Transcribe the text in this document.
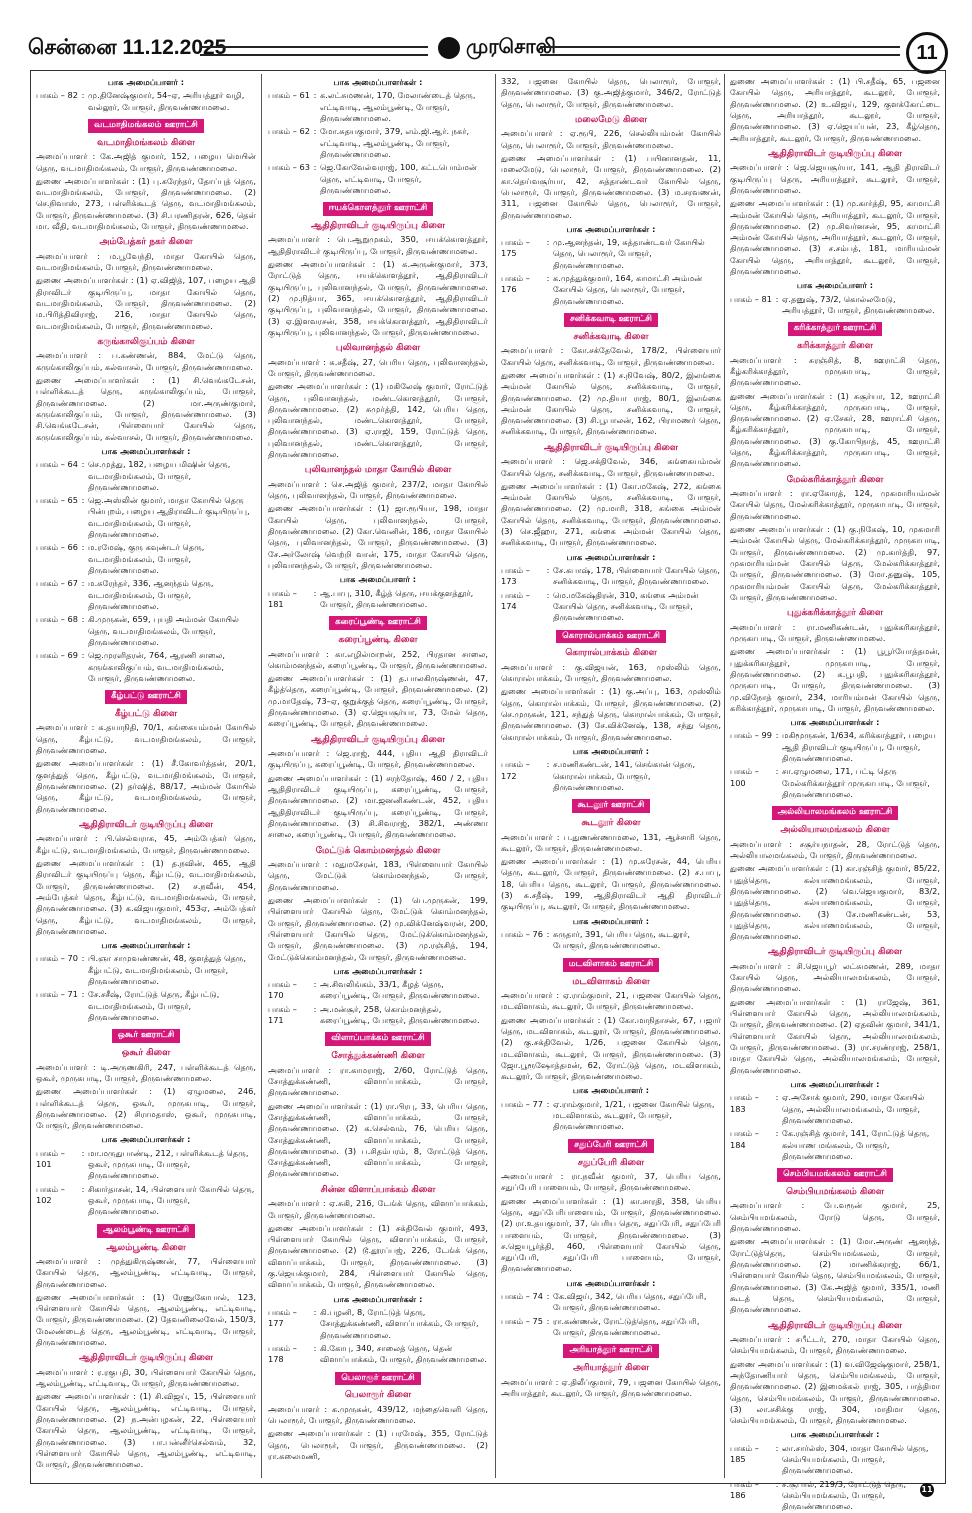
சென்னை 11.12.2025	முரசொலி	11
பாக அமைப்பாளர் :
பாகம் – 82 : மு.தினேஷ்குமார், 54–ஏ, அரியத்தூர் வழி, வல்லூர், போளூர், திருவண்ணாமலை.
வடமாதிமங்கலம் ஊராட்சி
வடமாதிமங்கலம் கிளை
அமைப்பாளர் : கே.அஜித் குமார், 152, பழைய மெயின் தெரு, வடமாதிமங்கலம், போளூர், திருவண்ணாமலை.
துணை அமைப்பாளர்கள் : (1) பு.சுரேந்தர், தோப்புத் தெரு, வடமாதிமங்கலம், போளூர், திருவண்ணாமலை. (2) செ.நிவாஸ், 273, பள்ளிக்கூடத் தெரு, வடமாதிமங்கலம், போளூர், திருவண்ணாமலை. (3) சி.பரணிதரன், 626, தெள் மா. வீதி, வடமாதிமங்கலம், போளூர், திருவண்ணாமலை.
அம்பேத்கர் நகர் கிளை
அமைப்பாளர் : ம.பூவேந்தி, மாதா கோயில் தெரு, வடமாதிமங்கலம், போளூர், திருவண்ணாமலை.
துணை அமைப்பாளர்கள் : (1) ஏ.விஜித், 107, பழைய ஆதி திராவிடர் குடியிருப்பு, மாதா கோயில் தெரு, வடமாதிமங்கலம், போளூர், திருவண்ணாமலை. (2) ம.பிரித்திவிராஜ், 216, மாதா கோயில் தெரு, வடமாதிமங்கலம், போளூர், திருவண்ணாமலை.
கருங்காலிகுப்பம் கிளை
அமைப்பாளர் : ப.கண்ணன், 884, மேட்டு தெரு, கருங்காலிகுப்பம், கல்வாசல், போளூர், திருவண்ணாமலை.
துணை அமைப்பாளர்கள் : (1) சி.வெங்கடேசன், பள்ளிக்கூடத் தெரு, கருங்காலிகுப்பம், போளூர், திருவண்ணாமலை. (2) மா.அருண்குமார், கருங்காலிகுப்பம், போளூர், திருவண்ணாமலை. (3) சி.வெங்கடேசன், பிள்ளையார் கோயில் தெரு, கருங்காலிகுப்பம், கல்வாசல், போளூர், திருவண்ணாமலை.
பாக அமைப்பாளர்கள் :
பாகம் – 64 : செ.முத்து, 182, பழைய மிஷின் தெரு, வடமாதிமங்கலம், போளூர், திருவண்ணாமலை.
பாகம் – 65 : ஜெ.அஸ்லின் குமார், மாதா கோயில் தெரு பின்புறம், பழைய ஆதிராவிடர் குடியிருப்பு, வடமாதிமங்கலம், போளூர், திருவண்ணாமலை.
பாகம் – 66 : ம.ரமேஷ், குரு கவுண்டர் தெரு, வடமாதிமங்கலம், போளூர், திருவண்ணாமலை.
பாகம் – 67 : ம.சுரேந்தர், 336, ஆனந்தம் தெரு, வடமாதிமங்கலம், போளூர், திருவண்ணாமலை.
பாகம் – 68 : கி.முருகன், 659, புயதி அம்மன் கோயில் தெரு, வடமாதிமங்கலம், போளூர், திருவண்ணாமலை.
பாகம் – 69 : ஜெ.முரளிதரன், 764, ஆரணி சாலை, கருங்காலிகுப்பம், வடமாதிமங்கலம், போளூர், திருவண்ணாமலை.
கீழ்பட்டு ஊராட்சி
கீழ்பட்டு கிளை
அமைப்பாளர் : க.தயாநிதி, 70/1, கங்கையம்மன் கோயில் தெரு, கீழ்பட்டு, வடமாதிமங்கலம், போளூர், திருவண்ணாமலை.
துணை அமைப்பாளர்கள் : (1) சீ.கோவர்த்தன், 20/1, குளத்துத் தெரு, கீழ்பட்டு, வடமாதிமங்கலம், போளூர், திருவண்ணாமலை. (2) தர்ஷித், 88/17, அம்மன் கோயில் தெரு, கீழ்பட்டு, வடமாதிமங்கலம், போளூர், திருவண்ணாமலை.
ஆதிதிராவிடர் குடியிருப்பு கிளை
அமைப்பாளர் : பி.செல்வராசு, 45, அம்பேத்கர் தெரு, கீழ்பட்டு, வடமாதிமங்கலம், போளூர், திருவண்ணாமலை.
துணை அமைப்பாளர்கள் : (1) த.நவின், 465, ஆதி திராவிடர் குடியிருப்பு தெரு, கீழ்பட்டு, வடமாதிமங்கலம், போளூர், திருவண்ணாமலை. (2) ச.நவீன், 454, அம்பேத்கர் தெரு, கீழ்பட்டு, வடமாதிமங்கலம், போளூர், திருவண்ணாமலை. (3) க.விஜயகுமார், 453ஏ, அம்பேத்கர் தெரு, கீழ்பட்டு, வடமாதிமங்கலம், போளூர், திருவண்ணாமலை.
பாக அமைப்பாளர்கள் :
பாகம் – 70 : பி.ஞா சாமுவண்ணன், 48, குளத்துத் தெரு, கீழ்பட்டு, வடமாதிமங்கலம், போளூர், திருவண்ணாமலை.
பாகம் – 71 : சே.சசீஷ், ரோட்டுத் தெரு, கீழ்பட்டு, வடமாதிமங்கலம், போளூர், திருவண்ணாமலை.
ஒகூர் ஊராட்சி
ஒகூர் கிளை
அமைப்பாளர் : டி.அருணகிரி, 247, பள்ளிக்கூடத் தெரு, ஒகூர், முருகபாடி, போளூர், திருவண்ணாமலை.
துணை அமைப்பாளர்கள் : (1) ஏழுமலை, 246, பள்ளிக்கூடத் தெரு, ஒகூர், முருகபாடி, போளூர், திருவண்ணாமலை. (2) சிராமதாஸ், ஒகூர், முருகபாடி, போளூர், திருவண்ணாமலை.
பாக அமைப்பாளர்கள் :
பாகம் – 101
: மா.மருதுபாண்டி, 212, பள்ளிக்கூடத் தெரு, ஒகூர், முருகபாடி, போளூர், திருவண்ணாமலை.
பாகம் – 102
: சிகார்தாசன், 14, பிள்ளையார் கோயில் தெரு, ஒகூர், முருகபாடி, போளூர், திருவண்ணாமலை.
ஆலம்பூண்டி ஊராட்சி
ஆலம்பூண்டி கிளை
அமைப்பாளர் : முத்துகிருஷ்ணன், 77, பிள்ளையார் கோயில் தெரு, ஆலம்பூண்டி, எட்டிவாடி, போளூர், திருவண்ணாமலை.
துணை அமைப்பாளர்கள் : (1) ரேணுகோபால், 123, பிள்ளையார் கோயில் தெரு, ஆலம்பூண்டி, எட்டிவாடி, போளூர், திருவண்ணாமலை. (2) தேவனிலைவேல், 150/3, மேலண்டைத் தெரு, ஆலம்பூண்டி, எட்டிவாடி, போளூர், திருவண்ணாமலை.
ஆதிதிராவிடர் குடியிருப்பு கிளை
அமைப்பாளர் : ர.ரகுபதி, 30, பிள்ளையார் கோயில் தெரு, ஆலம்பூண்டி, எட்டிவாடி, போளூர், திருவண்ணாமலை.
துணை அமைப்பாளர்கள் : (1) சி.விஜய், 15, பிள்ளையார் கோயில் தெரு, ஆலம்பூண்டி, எட்டிவாடி, போளூர், திருவண்ணாமலை. (2) ந.அன்பழகன், 22, பிள்ளையார் கோயில் தெரு, ஆலம்பூண்டி, எட்டிவாடி, போளூர், திருவண்ணாமலை. (3) பா.பன்னீர்செல்வம், 32, பிள்ளையார் கோயில் தெரு, ஆலம்பூண்டி, எட்டிவாடி, போளூர், திருவண்ணாமலை.
பாக அமைப்பாளர்கள் :
பாகம் – 61 : க.லட்சுமணன், 170, மேலாண்டைத் தெரு, எட்டிவாடி, ஆலம்பூண்டி, போளூர், திருவண்ணாமலை.
பாகம் – 62 : மோ.சுதயகுமார், 379, எம்.ஜி.ஆர். நகர், எட்டிவாடி, ஆலம்பூண்டி, போளூர், திருவண்ணாமலை.
பாகம் – 63 : ஜெ.கோவேல்வராஜ், 100, கட்டபொம்மன் தெரு, எட்டிவாடி, போளூர், திருவண்ணாமலை.
ஈயக்கொளத்தூர் ஊராட்சி
ஆதிதிராவிடர் குடியிருப்பு கிளை
அமைப்பாளர் : பெ.ஆறுமுகம், 350, ஈயக்கொளத்தூர், ஆதிதிராவிடர் குடியிருப்பு, போளூர், திருவண்ணாமலை.
துணை அமைப்பாளர்கள் : (1) சு.அருண்குமார், 373, ரோட்டுத் தெரு, ஈயக்கொளத்தூர், ஆதிதிராவிடர் குடியிருப்பு, புலிவானந்தல், போளூர், திருவண்ணாமலை. (2) மு.நித்யா, 365, ஈயக்கொளத்தூர், ஆதிதிராவிடர் குடியிருப்பு, புலிவானந்தல், போளூர், திருவண்ணாமலை. (3) ஏ.இளவரசன், 358, ஈயக்கொளத்தூர், ஆதிதிராவிடர் குடியிருப்பு, புலிவானந்தல், போளூர், திருவண்ணாமலை.
புலிவானந்தல் கிளை
அமைப்பாளர் : சு.சதீஷ், 27, பெரிய தெரு, புலிவானந்தல், போளூர், திருவண்ணாமலை.
துணை அமைப்பாளர்கள் : (1) மகிலேஷ் குமார், ரோட்டுத் தெரு, புலிவானந்தல், மண்டகொளத்தூர், போளூர், திருவண்ணாமலை. (2) சுமுர்த்தி, 142, பெரிய தெரு, புலிவானந்தல், மண்டகொளத்தூர், போளூர், திருவண்ணாமலை. (3) ஏ.ராஜி, 159, ரோட்டுத் தெரு, புலிவானந்தல், மண்டகொளத்தூர், போளூர், திருவண்ணாமலை.
புலிவானந்தல் மாதா கோயில் கிளை
அமைப்பாளர் : செ.அஜித் குமார், 237/2, மாதா கோயில் தெரு, புலிவானந்தல், போளூர், திருவண்ணாமலை.
துணை அமைப்பாளர்கள் : (1) ஜா.ரூபியா, 198, மாதா கோயில் தெரு, புலிவானந்தல், போளூர், திருவண்ணாமலை. (2) கோ.வெனின், 186, மாதா கோயில் தெரு, புலிவானந்தல், போளூர், திருவண்ணாமலை. (3) சே.அர்லோஷ் வெற்றி வான், 175, மாதா கோயில் தெரு, புலிவானந்தல், போளூர், திருவண்ணாமலை.
பாக அமைப்பாளர் :
பாகம் – 181
: ஆ.பாபு, 310, கீழ்த் தெரு, ஈயக்குளத்தூர், போளூர், திருவண்ணாமலை.
கரைப்பூண்டி ஊராட்சி
கரைப்பூண்டி கிளை
அமைப்பாளர் : கா.எழில்மாறன், 252, பிரதான சாலை, கொம்மனந்தல், கரைப்பூண்டி, போளூர், திருவண்ணாமலை.
துணை அமைப்பாளர்கள் : (1) த.பாலகிருஷ்ணன், 47, கீழ்த்தெரு, கரைப்பூண்டி, போளூர், திருவண்ணாமலை. (2) மு.மாதேஷ், 73–ஏ, குறுக்குத் தெரு, கரைப்பூண்டி, போளூர், திருவண்ணாமலை. (3) ஏ.ஜெயசூர்யா, 73, மேல் தெரு, கரைப்பூண்டி, போளூர், திருவண்ணாமலை.
ஆதிதிராவிடர் குடியிருப்பு கிளை
அமைப்பாளர் : ஜெ.ராஜ், 444, புதிய ஆதி திராவிடர் குடியிருப்பு, கரைப்பூண்டி, போளூர், திருவண்ணாமலை.
துணை அமைப்பாளர்கள் : (1) சரந்தோஷ், 460 / 2, புதிய ஆதிதிராவிடர் குடியிருப்பு, கரைப்பூண்டி, போளூர், திருவண்ணாமலை. (2) மா.ஜனனிகண்டன், 452, புதிய ஆதிதிராவிடர் குடியிருப்பு, கரைப்பூண்டி, போளூர், திருவண்ணாமலை. (3) சி.சிவராஜ், 382/1, அண்ணா சாலை, கரைப்பூண்டி, போளூர், திருவண்ணாமலை.
மேட்டுக் கொம்மனந்தல் கிளை
அமைப்பாளர் : மதுமசேரன், 183, பிள்ளையார் கோயில் தெரு, மேட்டுக் கொம்மனந்தல், போளூர், திருவண்ணாமலை.
துணை அமைப்பாளர்கள் : (1) பெ.முருகன், 199, பிள்ளையார் கோயில் தெரு, மேட்டுக் கொம்மனந்தல், போளூர், திருவண்ணாமலை. (2) மு.விக்னேஷ்வரன், 200, பிள்ளையார் கோயில் தெரு, மேட்டுக்கொம்மனந்தல், போளூர், திருவண்ணாமலை. (3) மு.ரஞ்சித், 194, மேட்டுக்கொம்மனந்தல், போளூர், திருவண்ணாமலை.
பாக அமைப்பாளர்கள் :
பாகம் – 170
: அ.சிவலிங்கம், 33/1, கீழத் தெரு, கரைப்பூண்டி, போளூர், திருவண்ணாமலை.
பாகம் – 171
: அ.மன்சூர், 258, கொம்மனந்தல், கரைப்பூண்டி, போளூர், திருவண்ணாமலை.
விளாப்பாக்கம் ஊராட்சி
சோத்துக்கண்ணி கிளை
அமைப்பாளர் : ரா.காமராஜ், 2/60, ரோட்டுத் தெரு, சோத்துக்கண்ணி, விளாப்பாக்கம், போளூர், திருவண்ணாமலை.
துணை அமைப்பாளர்கள் : (1) ரா.பிரபு, 33, பெரிய தெரு, சோத்துக்கண்ணி, விளாப்பாக்கம், போளூர், திருவண்ணாமலை. (2) க.செல்வம், 76, பெரிய தெரு, சோத்துக்கண்ணி, விளாப்பாக்கம், போளூர், திருவண்ணாமலை. (3) ப.சிதம்பரம், 8, ரோட்டுத் தெரு, சோத்துக்கண்ணி, விளாப்பாக்கம், போளூர், திருவண்ணாமலை.
சின்ன விளாப்பாக்கம் கிளை
அமைப்பாளர் : ஏ.சுகி, 216, டேங்க் தெரு, விளாப்பாக்கம், போளூர், திருவண்ணாமலை.
துணை அமைப்பாளர்கள் : (1) சக்திவேல் குமார், 493, பிள்ளையார் கோயில் தெரு, விளாப்பாக்கம், போளூர், திருவண்ணாமலை. (2) டூ.தூரப்பஜ், 226, டேங்க் தெரு, விளாப்பாக்கம், போளூர், திருவண்ணாமலை. (3) கு.ஜெயக்குமார், 284, பிள்ளையார் கோயில் தெரு, விளாப்பாக்கம், போளூர், திருவண்ணாமலை.
பாக அமைப்பாளர்கள் :
பாகம் – 177
: கி.பழனி, 8, ரோட்டுத் தெரு, சோத்துக்கண்ணி, விளாப்பாக்கம், போளூர், திருவண்ணாமலை.
பாகம் – 178
: கி.கோபு, 340, சாலைத் தெரு, தென் விளாப்பாக்கம், போளூர், திருவண்ணாமலை.
பெலாரூர் ஊராட்சி
பெலாரூர் கிளை
அமைப்பாளர் : க.முருகன், 439/12, மந்தைவெளி தெரு, பெலாரூர், போளூர், திருவண்ணாமலை.
துணை அமைப்பாளர்கள் : (1) பரமேஷ், 355, ரோட்டுத் தெரு, பெலாரூர், போளூர், திருவண்ணாமலை. (2) ரா.கலைமணி,
332, பஜனை கோயில் தெரு, பெலாரூர், போளூர், திருவண்ணாமலை. (3) கு.அஜித்குமார், 346/2, ரோட்டுத் தெரு, பெலாரூர், போளூர், திருவண்ணாமலை.
மலைமேடு கிளை
அமைப்பாளர் : ஏ.ரூபி, 226, செல்லியம்மன் கோயில் தெரு, பெலாரூர், போளூர், திருவண்ணாமலை.
துணை அமைப்பாளர்கள் : (1) பயினானதன், 11, மலைமேடு, பெலாரூர், போளூர், திருவண்ணாமலை. (2) கா.தெய்வசூர்யா, 42, சுத்தாண்டவர் கோயில் தெரு, பெலாரூர், போளூர், திருவண்ணாமலை. (3) ம.சரவணன், 311, பஜனை கோயில் தெரு, பெலாரூர், போளூர், திருவண்ணாமலை.
பாக அமைப்பாளர்கள் :
பாகம் – 175
: மு.ஆனந்தன், 19, சுத்தாண்டவர் கோயில் தெரு, பெலாரூர், போளூர், திருவண்ணாமலை.
பாகம் – 176
: க.முத்துக்குமார், 164, காமாட்சி அம்மன் கோயில் தெரு, பெலாரூர், போளூர், திருவண்ணாமலை.
சனிக்கவாடி ஊராட்சி
சனிக்கவாடி கிளை
அமைப்பாளர் : கோ.சக்தேவேல், 178/2, பிள்ளையார் கோயில் தெரு, சனிக்கவாடி, போளூர், திருவண்ணாமலை.
துணை அமைப்பாளர்கள் : (1) ச.நிவேஷ், 80/2, இலங்கை அம்மன் கோயில் தெரு, சனிக்கவாடி, போளூர், திருவண்ணாமலை. (2) மு.தியா ராஜ், 80/1, இலங்கை அம்மன் கோயில் தெரு, சனிக்கவாடி, போளூர், திருவண்ணாமலை. (3) சி.பூபாலன், 162, பிராமணர் தெரு, சனிக்கவாடி, போளூர், திருவண்ணாமலை.
ஆதிதிராவிடர் குடியிருப்பு கிளை
அமைப்பாளர் : ஜெ.சக்திவேல், 346, கங்கையம்மன் கோயில் தெரு, சனிக்கவாடி, போளூர், திருவண்ணாமலை.
துணை அமைப்பாளர்கள் : (1) கோ.மகேஷ், 272, கங்கை அம்மன் கோயில் தெரு, சனிக்கவாடி, போளூர், திருவண்ணாமலை. (2) மு.மாரி, 318, கங்கை அம்மன் கோயில் தெரு, சனிக்கவாடி, போளூர், திருவண்ணாமலை. (3) செ.ஜீஹா, 271, கங்கை அம்மன் கோயில் தெரு, சனிக்கவாடி, போளூர், திருவண்ணாமலை.
பாக அமைப்பாளர்கள் :
பாகம் – 173
: சே.கபாஷ், 178, பிள்ளையார் கோயில் தெரு, சனிக்கவாடி, போளூர், திருவண்ணாமலை.
பாகம் – 174
: மெ.மகேஷ்திரன், 310, கங்கை அம்மன் கோயில் தெரு, சனிக்கவாடி, போளூர், திருவண்ணாமலை.
கொரால்பாக்கம் ஊராட்சி
கொரால்பாக்கம் கிளை
அமைப்பாளர் : கு.விஜயன், 163, முஸ்லிம் தெரு, கொரால்பாக்கம், போளூர், திருவண்ணாமலை.
துணை அமைப்பாளர்கள் : (1) கு.அப்பு, 163, முஸ்லிம் தெரு, கொரால்பாக்கம், போளூர், திருவண்ணாமலை. (2) செ.முருகன், 121, சந்துத் தெரு, கொரால்பாக்கம், போளூர், திருவண்ணாமலை. (3) சே.விக்னேஷ், 138, சந்து தெரு, கொரால்பாக்கம், போளூர், திருவண்ணாமலை.
பாக அமைப்பாளர் :
பாகம் – 172
: ச.மணிகண்டன், 141, செங்கான் தெரு, கொரால்பாக்கம், போளூர், திருவண்ணாமலை.
கூடலூர் ஊராட்சி
கூடலூர் கிளை
அமைப்பாளர் : ப.துணண்ணாமலை, 131, ஆச்சாரி தெரு, கூடலூர், போளூர், திருவண்ணாமலை.
துணை அமைப்பாளர்கள் : (1) மு.சுரேசன், 44, பெரிய தெரு, கூடலூர், போளூர், திருவண்ணாமலை. (2) ச.பாபு, 18, பெரிய தெரு, கூடலூர், போளூர், திருவண்ணாமலை. (3) சு.சதீஷ், 199, ஆதிதிராவிடர் ஆதி திராவிடர் குடியிருப்பு, கூடலூர், போளூர், திருவண்ணாமலை.
பாக அமைப்பாளர் :
பாகம் – 76 : சுருதார், 391, பெரிய தெரு, கூடலூர், போளூர், திருவண்ணாமலை.
மடவிளாகம் ஊராட்சி
மடவிளாகம் கிளை
அமைப்பாளர் : ஏ.ராம்குமார், 21, பஜனை கோயில் தெரு, மடவிளாகம், கூடலூர், போளூர், திருவண்ணாமலை.
துணை அமைப்பாளர்கள் : (1) கோ.மாநிதாசன், 67, பஜார் தெரு, மடவிளாகம், கூடலூர், போளூர், திருவண்ணாமலை. (2) கு.சக்திவேல், 1/26, பஜனை கோயில் தெரு, மடவிளாகம், கூடலூர், போளூர், திருவண்ணாமலை. (3) ஜோ.பூரூஷோத்தமன், 62, ரோட்டுத் தெரு, மடவிளாகம், கூடலூர், போளூர், திருவண்ணாமலை.
பாக அமைப்பாளர் :
பாகம் – 77 : ஏ.ராம்குமார், 1/21, பஜனை கோயில் தெரு, மடவிளாகம், கூடலூர், போளூர், திருவண்ணாமலை.
சதுப்பேரி ஊராட்சி
சதுப்பேரி கிளை
அமைப்பாளர் : ரா.நவீன் குமார், 37, பெரிய தெரு, சதுப்பேரி பாளையம், போளூர், திருவண்ணாமலை.
துணை அமைப்பாளர்கள் : (1) கா.சாரதி, 358, பெரிய தெரு, சதுப்பேரிபாளையம், போளூர், திருவண்ணாமலை. (2) ரா.உதயகுமார், 37, பெரிய தெரு, சதுப்பேரி, சதுப்பேரி பாளையம், போளூர், திருவண்ணாமலை. (3) ச.ஜெயபூர்த்தி, 460, பிள்ளையார் கோயில் தெரு, சதுப்பேரி, சதுப்பேரி பாளையம், போளூர், திருவண்ணாமலை.
பாக அமைப்பாளர்கள் :
பாகம் – 74 : கே.விஜய், 342, பெரிய தெரு, சதுப்பேரி, போளூர், திருவண்ணாமலை.
பாகம் – 75 : ரா.கண்ணன், ரோட்டுத்தெரு, சதுப்பேரி, போளூர், திருவண்ணாமலை.
அரியாத்தூர் ஊராட்சி
அரியாத்தூர் கிளை
அமைப்பாளர் : ஏ.திலீப்குமார், 79, பஜனை கோயில் தெரு, அரியாத்தூர், கூடலூர், போளூர், திருவண்ணாமலை.
துணை அமைப்பாளர்கள் : (1) பி.சதீஷ், 65, பஜனை கோயில் தெரு, அரியாத்தூர், கூடலூர், போளூர், திருவண்ணாமலை. (2) உ.விஜய், 129, குளக்கோட்டை தெரு, அரியாத்தூர், கூடலூர், போளூர், திருவண்ணாமலை. (3) ஏ.ஜெயப்பன், 23, கீழ்தெரு, அரியாத்தூர், கூடலூர், போளூர், திருவண்ணாமலை.
ஆதிதிராவிடர் குடியிருப்பு கிளை
அமைப்பாளர் : ஜெ.ஜெயசூர்யா, 141, ஆதி திராவிடர் குடியிருப்பு தெரு, அரியாத்தூர், கூடலூர், போளூர், திருவண்ணாமலை.
துணை அமைப்பாளர்கள் : (1) மு.கார்த்தி, 95, காமாட்சி அம்மன் கோயில் தெரு, அரியாத்தூர், கூடலூர், போளூர், திருவண்ணாமலை. (2) மு.சிவர்னசன், 95, காமாட்சி அம்மன் கோயில் தெரு, அரியாத்தூர், கூடலூர், போளூர், திருவண்ணாமலை. (3) ச.சம்பத், 181, மாரியம்மன் கோயில் தெரு, அரியாத்தூர், கூடலூர், போளூர், திருவண்ணாமலை.
பாக அமைப்பாளர் :
பாகம் – 81 : ஏ.தனுஷ், 73/2, கொல்லமேடு, அரியத்தூர், போளூர், திருவண்ணாமலை.
கரிக்காத்தூர் ஊராட்சி
கரிக்காத்தூர் கிளை
அமைப்பாளர் : சுரஞ்சித், 8, ஊராட்சி தெரு, கீழ்கரிக்காத்தூர், முருகாபாடி, போளூர், திருவண்ணாமலை.
துணை அமைப்பாளர்கள் : (1) சுசூர்யா, 12, ஊராட்சி தெரு, கீழ்கரிக்காத்தூர், முருகாபாடி, போளூர், திருவண்ணாமலை. (2) ஏ.சேகர், 28, ஊராட்சி தெரு, கீழ்கரிக்காத்தூர், முருகாபாடி, போளூர், திருவண்ணாமலை. (3) கு.கோபிநாத், 45, ஊராட்சி தெரு, கீழ்கரிக்காத்தூர், முருகாபாடி, போளூர், திருவண்ணாமலை.
மேல்கரிக்காத்தூர் கிளை
அமைப்பாளர் : ரா.ஏகோரத், 124, முகமாரியம்மன் கோயில் தெரு, மேல்கரிக்காத்தூர், முருகாபாடி, போளூர், திருவண்ணாமலை.
துணை அமைப்பாளர்கள் : (1) கு.நிகேஷ், 10, முகமாரி அம்மன் கோயில் தெரு, மேல்கரிக்காத்தூர், முருகாபாடி, போளூர், திருவண்ணாமலை. (2) மு.கார்த்தி, 97, முகமாரியம்மன் கோயில் தெரு, மேல்கரிக்காத்தூர், போளூர், திருவண்ணாமலை. (3) மோ.தனுஷ், 105, முகமாரியம்மன் கோயில் தெரு, மேல்கரிக்காத்தூர், போளூர், திருவண்ணாமலை.
புதுக்கரிக்காத்தூர் கிளை
அமைப்பாளர் : ரா.மணிகண்டன், புதுக்கரிகாத்தூர், முருகாபாடி, போளூர், திருவண்ணாமலை.
துணை அமைப்பாளர்கள் : (1) பூபூர்யோத்தமன், புதுக்கரிகாத்தூர், முருகாபாடி, போளூர், திருவண்ணாமலை. (2) க.பூபதி, புதுக்கரிகாத்தூர், முருகாபாடி, போளூர், திருவண்ணாமலை. (3) மு.விநோத் குமார், 234, மாரியம்மன் கோயில் தெரு, கரிக்காத்தூர், முருகாபாடி, போளூர், திருவண்ணாமலை.
பாக அமைப்பாளர்கள் :
பாகம் – 99 : மகிமூருகன், 1/634, கரிக்காத்தூர், பழைய ஆதி திராவிடர் குடியிருப்பு, போளூர், திருவண்ணாமலை.
பாகம் – 100
: சா.ஏழுமலை, 171, பட்டி தெரு மேல்கரிக்காத்தூர் முருகாபாடி, போளூர், திருவண்ணாமலை.
அல்லியாலமங்கலம் ஊராட்சி
அல்லியாலமங்கலம் கிளை
அமைப்பாளர் : சசூர்யநாதன், 28, ரோட்டுத் தெரு, அல்லியாலமங்கலம், போளூர், திருவண்ணாமலை.
துணை அமைப்பாளர்கள் : (1) கா.ரஞ்சித் குமார், 85/22, புதுத்தெரு, கல்யாணமங்கலம், போளூர், திருவண்ணாமலை. (2) வெ.ஜெயகுமார், 83/2, புதுத்தெரு, கல்யாணமங்கலம், போளூர், திருவண்ணாமலை. (3) சே.மணிகண்டன், 53, புதுத்தெரு, கல்யாணமங்கலம், போளூர், திருவண்ணாமலை.
ஆதிதிராவிடர் குடியிருப்பு கிளை
அமைப்பாளர் : சி.ஜெயபூர் லட்சுமணன், 289, மாதா கோயில் தெரு, அல்லியாலமங்கலம், போளூர், திருவண்ணாமலை.
துணை அமைப்பாளர்கள் : (1) ராஜேஷ், 361, பிள்ளையார் கோயில் தெரு, அல்லியாலமங்கலம், போளூர், திருவண்ணாமலை. (2) ஏதவின் குமார், 341/1, பிள்ளையார் கோயில் தெரு, அல்லியாலமங்கலம், போளூர், திருவண்ணாமலை. (3) ரா.சரண்ராஜ், 258/1, மாதா கோயில் தெரு, அல்லியாலமங்கலம், போளூர், திருவண்ணாமலை.
பாக அமைப்பாளர்கள் :
பாகம் – 183
: ஏ.அசோக் குமார், 290, மாதா கோயில் தெரு, அல்லியாலமங்கலம், போளூர், திருவண்ணாமலை.
பாகம் – 184
: கே.ரஞ்சித் குமார், 141, ரோட்டுத் தெரு, கல்யாண மங்கலம், போளூர், திருவண்ணாமலை.
செம்பியமங்கலம் ஊராட்சி
செம்பியமங்கலம் கிளை
அமைப்பாளர் : பே.வரூன் குமார், 25, செம்பியமங்கலம், ரோடு தெரு, போளூர், திருவண்ணாமலை.
துணை அமைப்பாளர்கள் : (1) மோ.அருண் ஆனந்த், ரோட்டுத்தெரு, செம்பியமங்கலம், போளூர், திருவண்ணாமலை. (2) மாணிக்கராஜ், 66/1, பிள்ளையார் கோயில் தெரு, செம்பியமங்கலம், போளூர், திருவண்ணாமலை. (3) கே.அஜித் குமார், 335/1, மணி கூடத் தெரு, செம்பியமங்கலம், போளூர், திருவண்ணாமலை.
ஆதிதிராவிடர் குடியிருப்பு கிளை
அமைப்பாளர் : சபீட்டர், 270, மாதா கோயில் தெரு, செம்பியமங்கலம், போளூர், திருவண்ணாமலை.
துணை அமைப்பாளர்கள் : (1) வ.விஜேஷ்குமார், 258/1, அந்தோணியார் தெரு, செம்பியமங்கலம், போளூர், திருவண்ணாமலை. (2) இமைக்கல் ராஜ், 305, பாத்திமா தெரு, செம்பியமங்கலம், போளூர், திருவண்ணாமலை. (3) லா.சசிக்கு ராஜ், 304, மாதிமா தெரு, செம்பியமங்கலம், போளூர், திருவண்ணாமலை.
பாக அமைப்பாளர்கள் :
பாகம் – 185
: லா.சார்ல்ஸ், 304, மாதா கோயில் தெரு, செம்பியமங்கலம், போளூர், திருவண்ணாமலை.
பாகம் – 186
: ச.சூபால், 219/3, ரோட்டுத் தெரு, செம்பியமங்கலம், போளூர், திருவண்ணாமலை.
11
